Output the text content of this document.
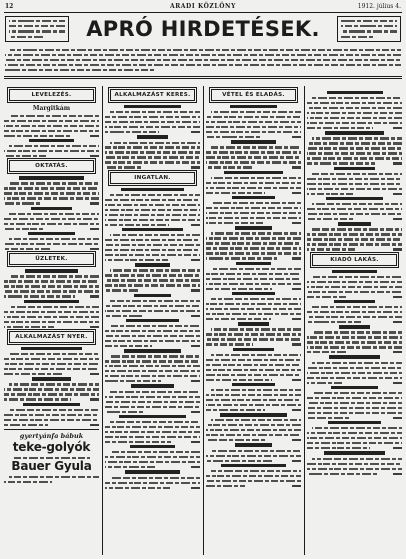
12	ARADI KÖZLÖNY	1912. július 4.
APRÓ HIRDETÉSEK.
LEVELEZÉS.
Margitkám
OKTATÁS.
ÜZLETEK.
ALKALMAZÁST NYER.
gyertyánfa bábuk
teke-golyók
Bauer Gyula
ALKALMAZÁST KERES.
INGATLAN.
VÉTEL ÉS ELADÁS.
KIADÓ LAKÁS.
